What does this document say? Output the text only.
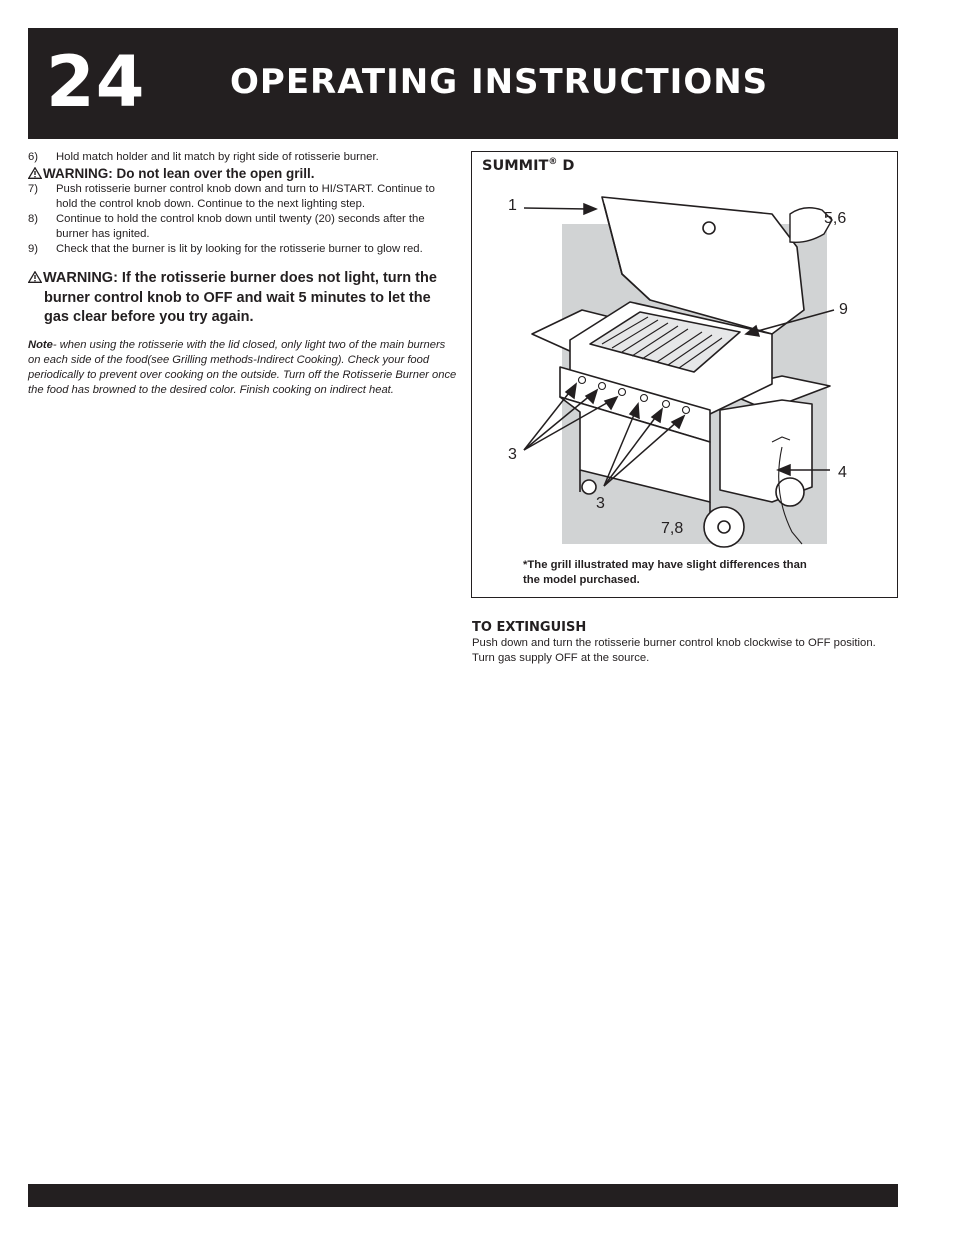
24 OPERATING INSTRUCTIONS
6)	Hold match holder and lit match by right side of rotisserie burner.

WARNING: Do not lean over the open grill.

7)	Push rotisserie burner control knob down and turn to HI/START. Continue to hold the control knob down. Continue to the next lighting step.
8)	Continue to hold the control knob down until twenty (20) seconds after the burner has ignited.
9)	Check that the burner is lit by looking for the rotisserie burner to glow red.

WARNING: If the rotisserie burner does not light, turn the burner control knob to OFF and wait 5 minutes to let the gas clear before you try again.

Note- when using the rotisserie with the lid closed, only light two of the main burners on each side of the food(see Grilling methods-Indirect Cooking). Check your food periodically to prevent over cooking on the outside. Turn off the Rotisserie Burner once the food has browned to the desired color. Finish cooking on indirect heat.
SUMMIT® D
1
5,6
9
3
4
3
7,8
*The grill illustrated may have slight differences than the model purchased.
TO EXTINGUISH
Push down and turn the rotisserie burner control knob clockwise to OFF position. Turn gas supply OFF at the source.
